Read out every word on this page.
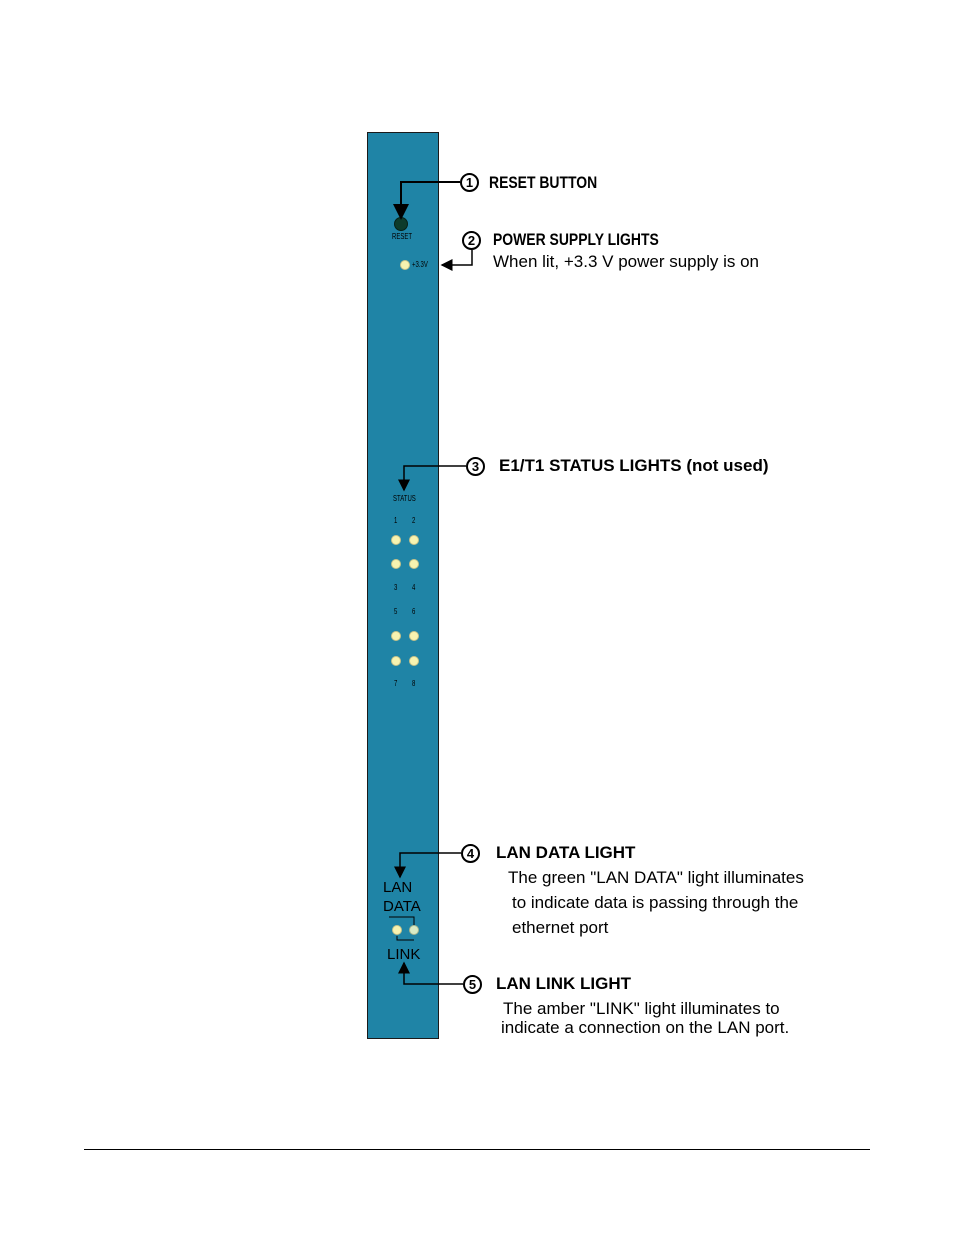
RESET
+3.3V
STATUS
1 2
3 4
5 6
7 8
LAN
DATA
LINK
1 RESET BUTTON
2	POWER SUPPLY LIGHTS
When lit, +3.3 V power supply is on
3	E1/T1 STATUS LIGHTS (not used)
4	LAN DATA LIGHT
The green "LAN DATA" light illuminates
to indicate data is passing through the
ethernet port
5	LAN LINK LIGHT
The amber "LINK" light illuminates to
indicate a connection on the LAN port.
